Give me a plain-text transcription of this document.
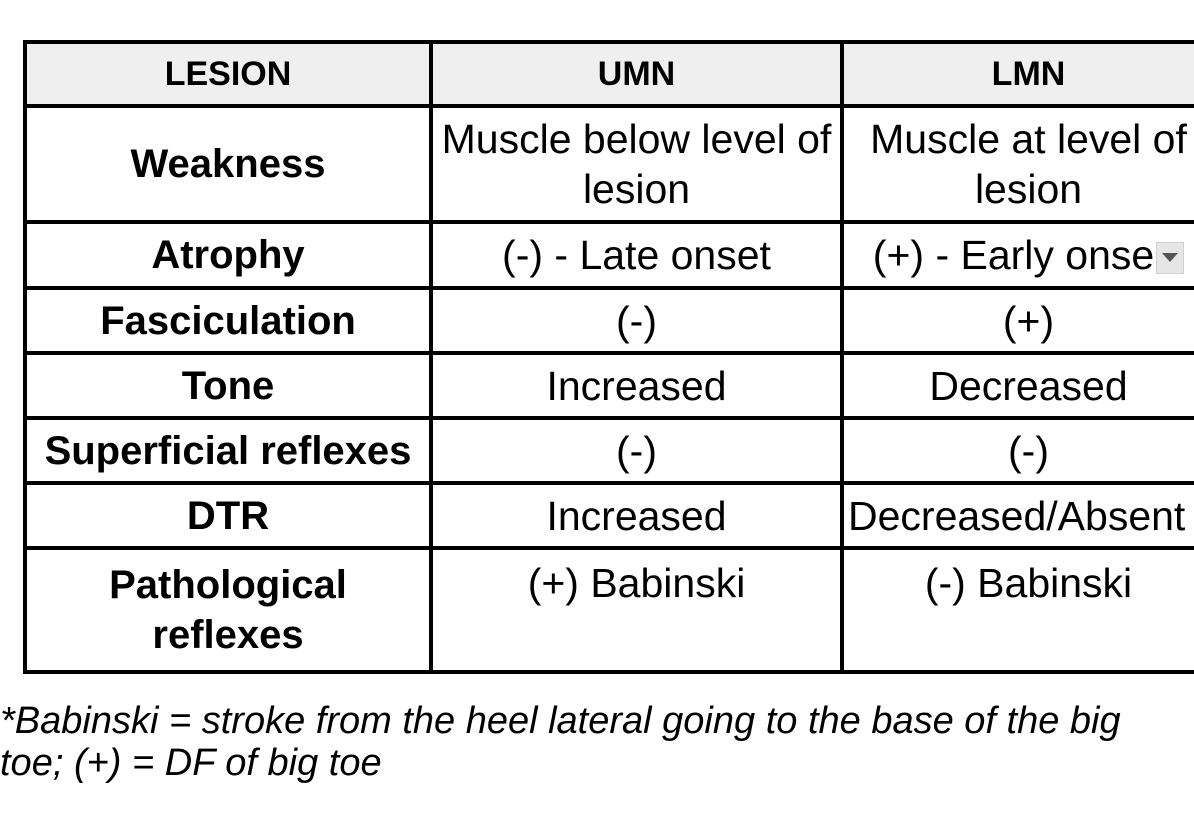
LESION	UMN	LMN
Weakness	Muscle below level of lesion	Muscle at level of lesion
Atrophy	(-) - Late onset	(+) - Early onse
Fasciculation	(-)	(+)
Tone	Increased	Decreased
Superficial reflexes	(-)	(-)
DTR	Increased	Decreased/Absent
Pathological reflexes	(+) Babinski	(-) Babinski
*Babinski = stroke from the heel lateral going to the base of the big toe; (+) = DF of big toe
